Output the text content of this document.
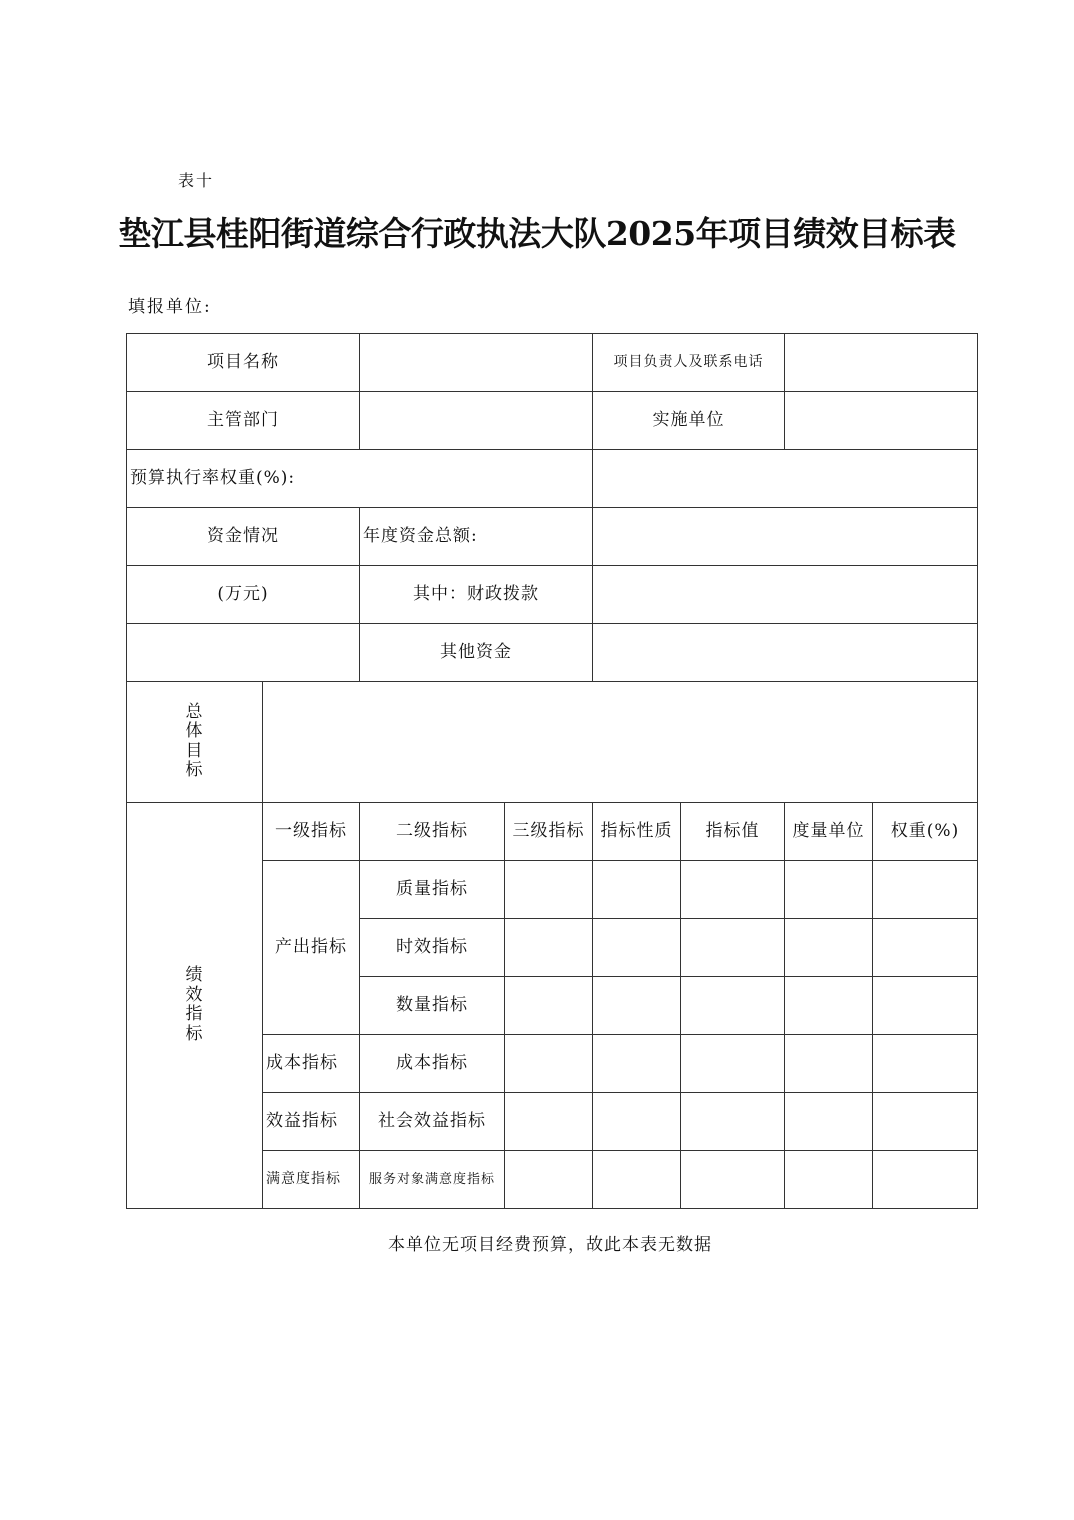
表十
垫江县桂阳街道综合行政执法大队2025年项目绩效目标表
填报单位:
项目名称				项目负责人及联系电话			
主管部门				实施单位			
预算执行率权重(%):							
资金情况		年度资金总额:					
(万元)		其中：财政拨款					
		其他资金					
总体目标							
绩效指标	一级指标	二级指标	三级指标	指标性质	指标值	度量单位	权重(%)
	产出指标	质量指标					
		时效指标					
		数量指标					
	成本指标	成本指标					
	效益指标	社会效益指标					
	满意度指标	服务对象满意度指标					
本单位无项目经费预算，故此本表无数据
